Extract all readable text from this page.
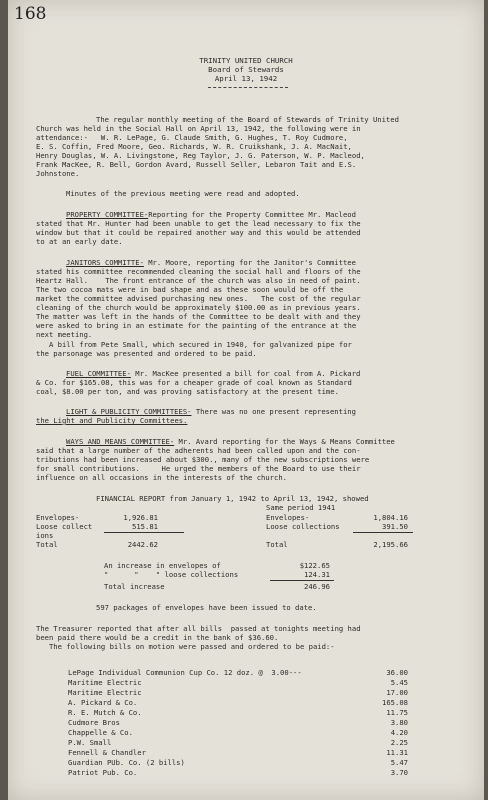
168
TRINITY UNITED CHURCH
Board of Stewards
April 13, 1942
The regular monthly meeting of the Board of Stewards of Trinity United
Church was held in the Social Hall on April 13, 1942, the following were in
attendance:-   W. R. LePage, G. Claude Smith, G. Hughes, T. Roy Cudmore,
E. S. Coffin, Fred Moore, Geo. Richards, W. R. Cruikshank, J. A. MacNait,
Henry Douglas, W. A. Livingstone, Reg Taylor, J. G. Paterson, W. P. Macleod,
Frank MacKee, R. Bell, Gordon Avard, Russell Seller, Lebaron Tait and E.S.
Johnstone.
Minutes of the previous meeting were read and adopted.
PROPERTY COMMITTEE-Reporting for the Property Committee Mr. Macleod
stated that Mr. Hunter had been unable to get the lead necessary to fix the
window but that it could be repaired another way and this would be attended
to at an early date.
JANITORS COMMITTE- Mr. Moore, reporting for the Janitor's Committee
stated his committee recommended cleaning the social hall and floors of the
Heartz Hall.    The front entrance of the church was also in need of paint.
The two cocoa mats were in bad shape and as these soon would be off the
market the committee advised purchasing new ones.   The cost of the regular
cleaning of the church would be approximately $100.00 as in previous years.
The matter was left in the hands of the Committee to be dealt with and they
were asked to bring in an estimate for the painting of the entrance at the
next meeting.
A bill from Pete Small, which secured in 1940, for galvanized pipe for
the parsonage was presented and ordered to be paid.
FUEL COMMITTEE- Mr. MacKee presented a bill for coal from A. Pickard
& Co. for $165.08, this was for a cheaper grade of coal known as Standard
coal, $8.00 per ton, and was proving satisfactory at the present time.
LIGHT & PUBLICITY COMMITTEES- There was no one present representing
the Light and Publicity Committees.
WAYS AND MEANS COMMITTEE- Mr. Avard reporting for the Ways & Means Committee
said that a large number of the adherents had been called upon and the con-
tributions had been increased about $300., many of the new subscriptions were
for small contributions.     He urged the members of the Board to use their
influence on all occasions in the interests of the church.
FINANCIAL REPORT from January 1, 1942 to April 13, 1942, showed
Same period 1941
Envelopes-	1,926.81
Loose collect	515.81
ions
Total	2442.62
Envelopes-	1,804.16
Loose collections	391.50
Total	2,195.66
An increase in envelopes of	$122.65
"      "    " loose collections	124.31
Total increase	246.96
597 packages of envelopes have been issued to date.
The Treasurer reported that after all bills  passed at tonights meeting had
been paid there would be a credit in the bank of $36.60.
The following bills on motion were passed and ordered to be paid:-
LePage Individual Communion Cup Co. 12 doz. @  3.00---	36.00
Maritime Electric	5.45
Maritime Electric	17.00
A. Pickard & Co.	165.08
R. E. Mutch & Co.	11.75
Cudmore Bros	3.80
Chappelle & Co.	4.20
P.W. Small	2.25
Fennell & Chandler	11.31
Guardian PUb. Co. (2 bills)	5.47
Patriot Pub. Co.	3.70
